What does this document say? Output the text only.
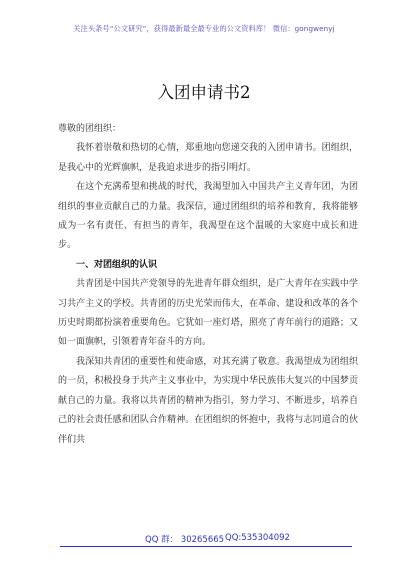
关注头条号“公文研究”，获得最新最全最专业的公文资料库！ 微信：gongwenyj
入团申请书2

尊敬的团组织：

我怀着崇敬和热切的心情，郑重地向您递交我的入团申请书。团组织，是我心中的光辉旗帜，是我追求进步的指引明灯。

在这个充满希望和挑战的时代，我渴望加入中国共产主义青年团，为团组织的事业贡献自己的力量。我深信，通过团组织的培养和教育，我将能够成为一名有责任、有担当的青年，我渴望在这个温暖的大家庭中成长和进步。

一、对团组织的认识

共青团是中国共产党领导的先进青年群众组织，是广大青年在实践中学习共产主义的学校。共青团的历史光荣而伟大，在革命、建设和改革的各个历史时期都扮演着重要角色。它犹如一座灯塔，照亮了青年前行的道路；又如一面旗帜，引领着青年奋斗的方向。

我深知共青团的重要性和使命感，对其充满了敬意。我渴望成为团组织的一员，积极投身于共产主义事业中，为实现中华民族伟大复兴的中国梦贡献自己的力量。我将以共青团的精神为指引，努力学习、不断进步，培养自己的社会责任感和团队合作精神。在团组织的怀抱中，我将与志同道合的伙伴们共

QQ 群： 30265665 QQ:535304092
